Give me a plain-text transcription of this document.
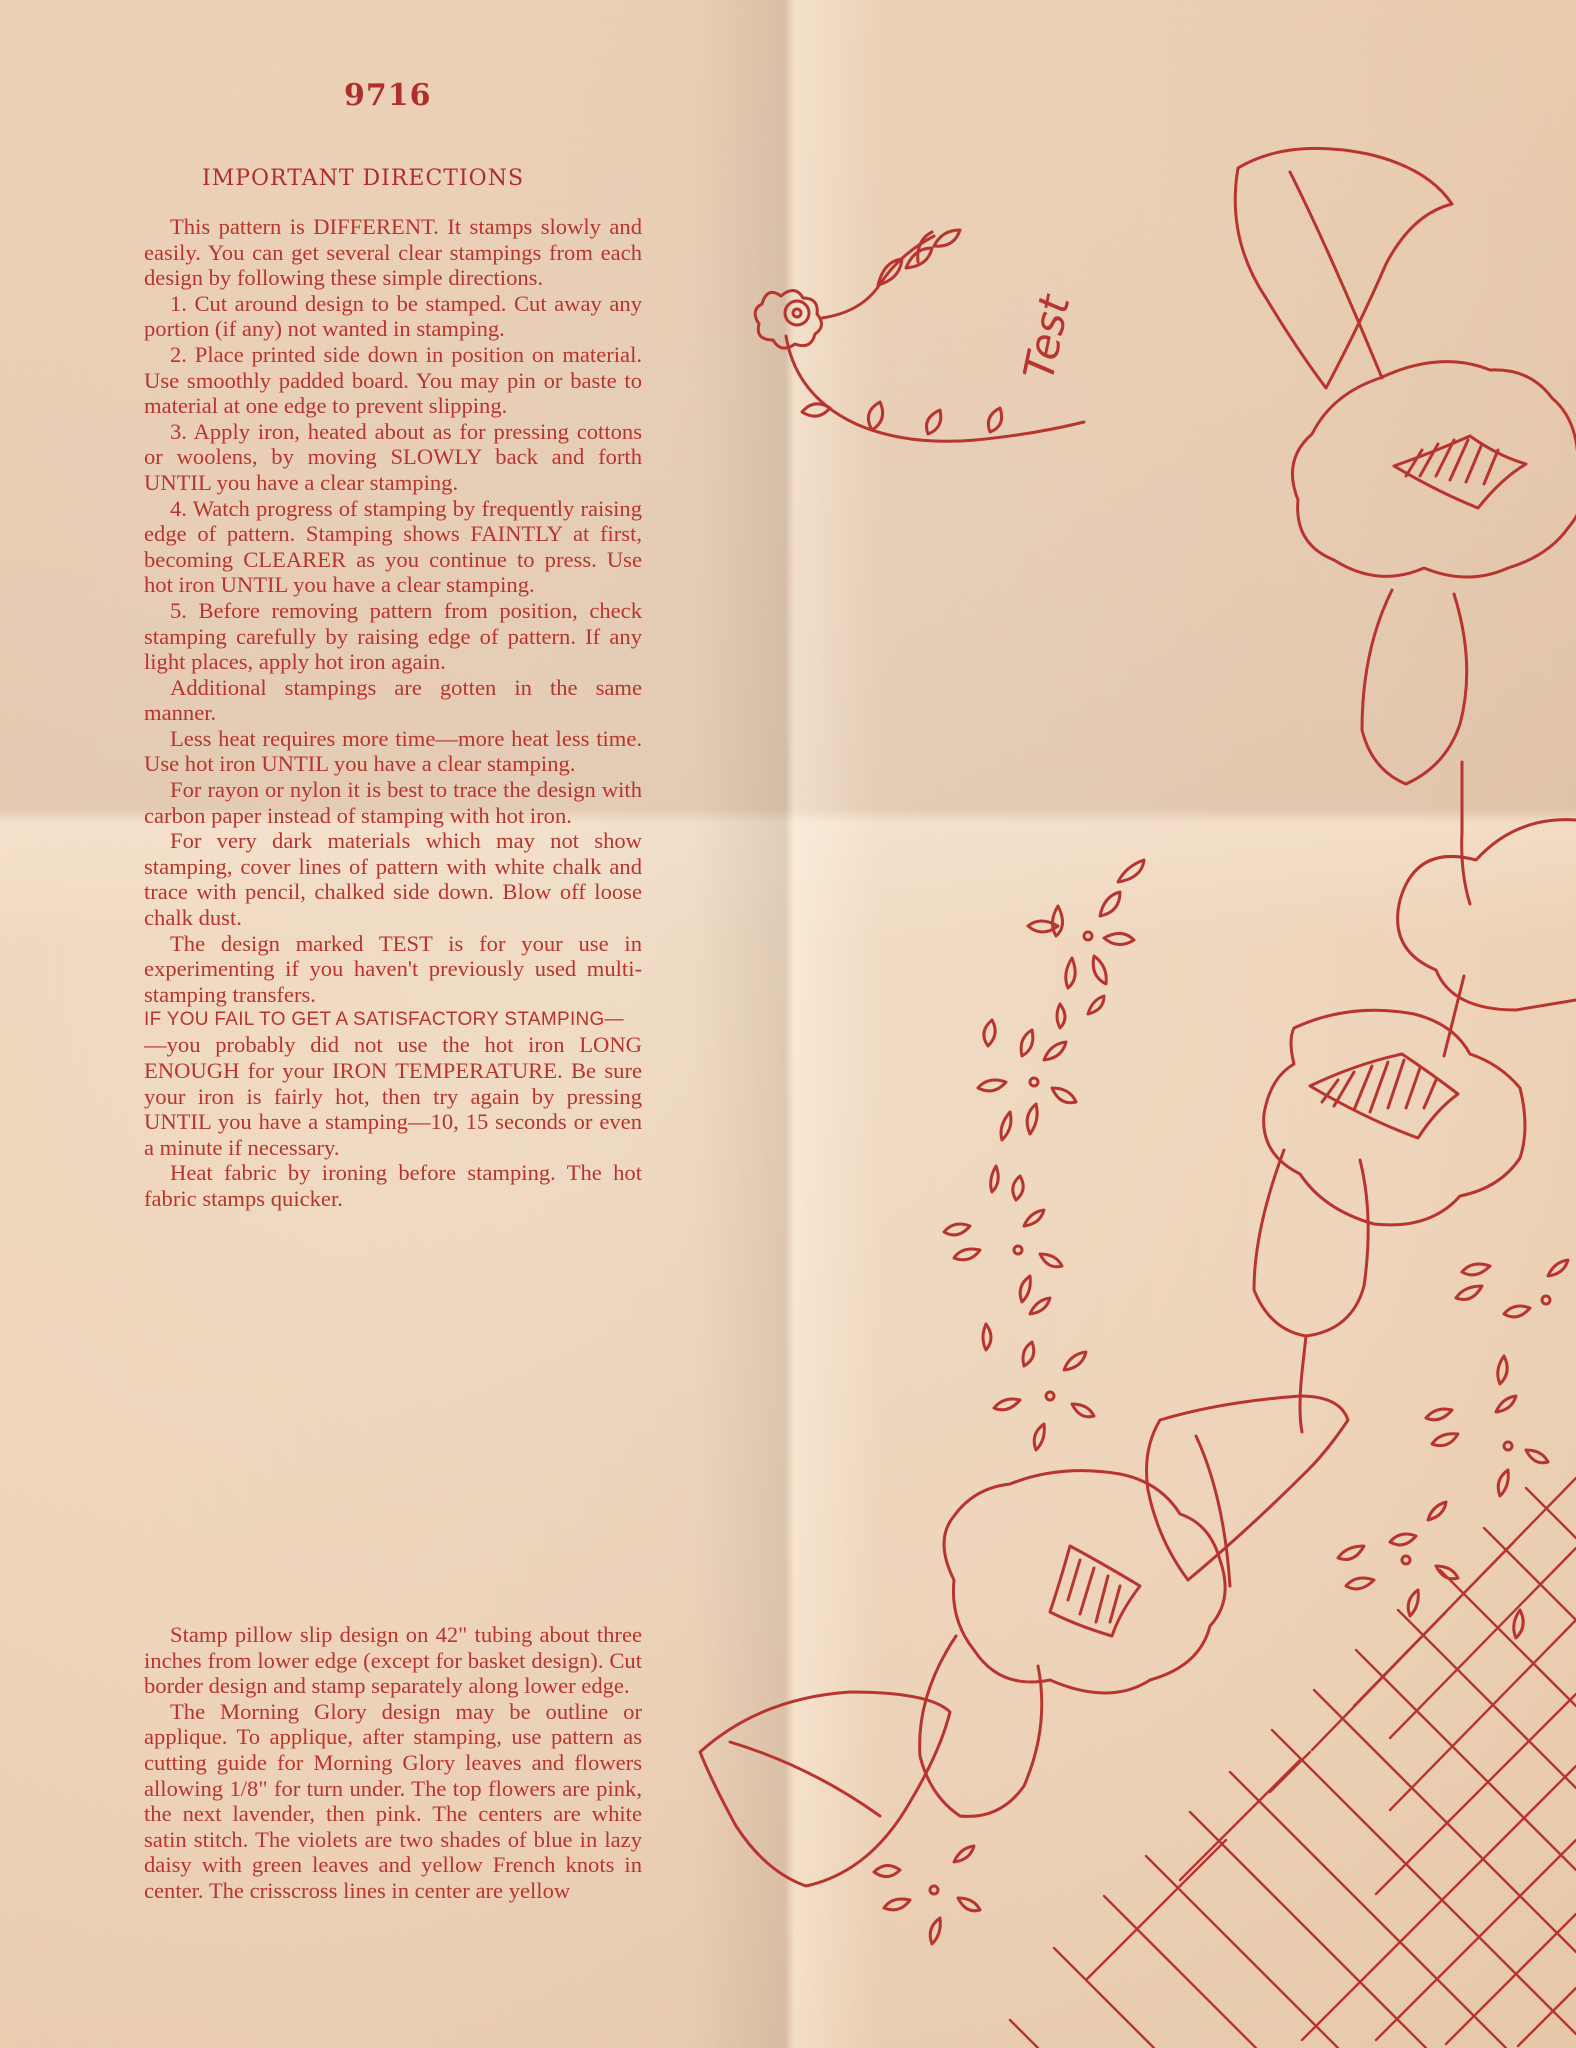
9716
IMPORTANT DIRECTIONS

This pattern is DIFFERENT. It stamps slowly and easily. You can get several clear stampings from each design by following these simple directions.

1. Cut around design to be stamped. Cut away any portion (if any) not wanted in stamping.

2. Place printed side down in position on material. Use smoothly padded board. You may pin or baste to material at one edge to prevent slipping.

3. Apply iron, heated about as for pressing cottons or woolens, by moving SLOWLY back and forth UNTIL you have a clear stamping.

4. Watch progress of stamping by frequently raising edge of pattern. Stamping shows FAINTLY at first, becoming CLEARER as you continue to press. Use hot iron UNTIL you have a clear stamping.

5. Before removing pattern from position, check stamping carefully by raising edge of pattern. If any light places, apply hot iron again.

Additional stampings are gotten in the same manner.

Less heat requires more time—more heat less time. Use hot iron UNTIL you have a clear stamping.

For rayon or nylon it is best to trace the design with carbon paper instead of stamping with hot iron.

For very dark materials which may not show stamping, cover lines of pattern with white chalk and trace with pencil, chalked side down. Blow off loose chalk dust.

The design marked TEST is for your use in experimenting if you haven't previously used multi-stamping transfers.

IF YOU FAIL TO GET A SATISFACTORY STAMPING—

—you probably did not use the hot iron LONG ENOUGH for your IRON TEMPERATURE. Be sure your iron is fairly hot, then try again by pressing UNTIL you have a stamping—10, 15 seconds or even a minute if necessary.

Heat fabric by ironing before stamping. The hot fabric stamps quicker.

Stamp pillow slip design on 42" tubing about three inches from lower edge (except for basket design). Cut border design and stamp separately along lower edge.

The Morning Glory design may be outline or applique. To applique, after stamping, use pattern as cutting guide for Morning Glory leaves and flowers allowing 1/8" for turn under. The top flowers are pink, the next lavender, then pink. The centers are white satin stitch. The violets are two shades of blue in lazy daisy with green leaves and yellow French knots in center. The crisscross lines in center are yellow

Test
